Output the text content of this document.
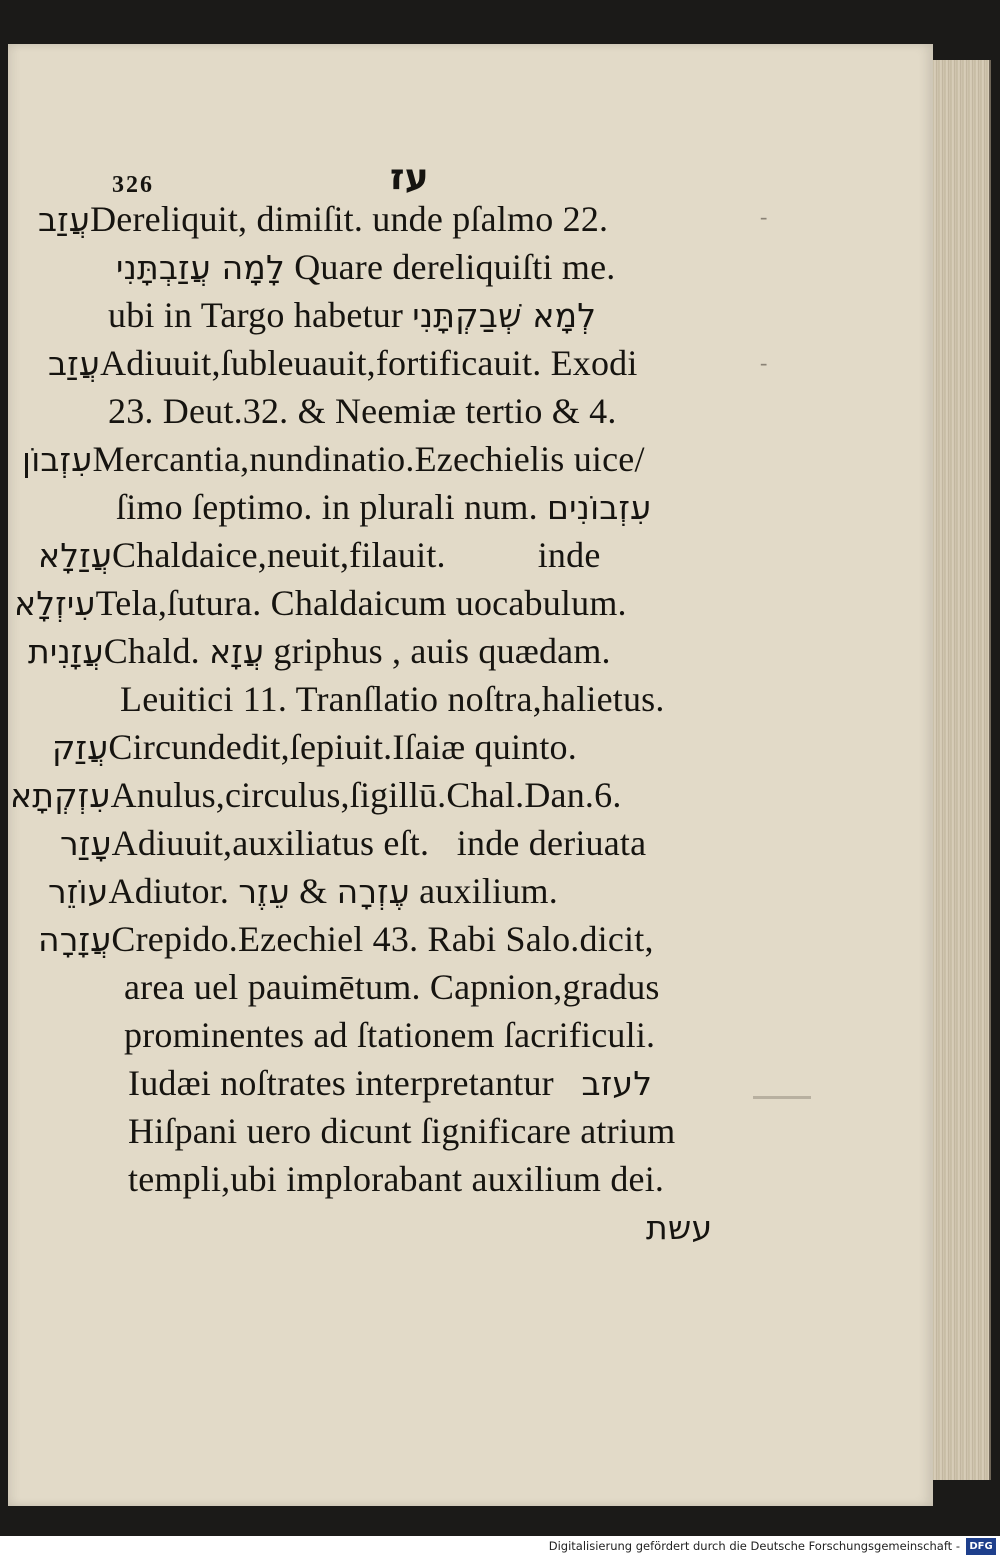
326	עז
עֲזַבDereliquit, dimiſit. unde pſalmo 22.
לָמָה עֲזַבְתָּנִי Quare dereliquiſti me.
ubi in Targo habetur לְמָא שְׁבַקְתָּנִי
עֲזַבAdiuuit,ſubleuauit,fortificauit. Exodi
23. Deut.32. & Neemiæ tertio & 4.
עִזְבוֹןMercantia,nundinatio.Ezechielis uice/
ſimo ſeptimo. in plurali num. עִזְבוֹנִים
עֲזַלָאChaldaice,neuit,filauit.          inde
עִיזְלָאTela,ſutura. Chaldaicum uocabulum.
עֲזָנִיתChald. עֲזָא griphus , auis quædam.
Leuitici 11. Tranſlatio noſtra,halietus.
עֲזַקCircundedit,ſepiuit.Iſaiæ quinto.
עִזְקְתָאAnulus,circulus,ſigillū.Chal.Dan.6.
עָזַרAdiuuit,auxiliatus eſt.   inde deriuata
עוֹזֵרAdiutor. עֵזֶר & עֶזְרָה auxilium.
עֲזָרָהCrepido.Ezechiel 43. Rabi Salo.dicit,
area uel pauimētum. Capnion,gradus
prominentes ad ſtationem ſacrificuli.
Iudæi noſtrates interpretantur לעזב
Hiſpani uero dicunt ſignificare atrium
templi,ubi implorabant auxilium dei.
עשת
-
-
Digitalisierung gefördert durch die Deutsche Forschungsgemeinschaft - DFG
